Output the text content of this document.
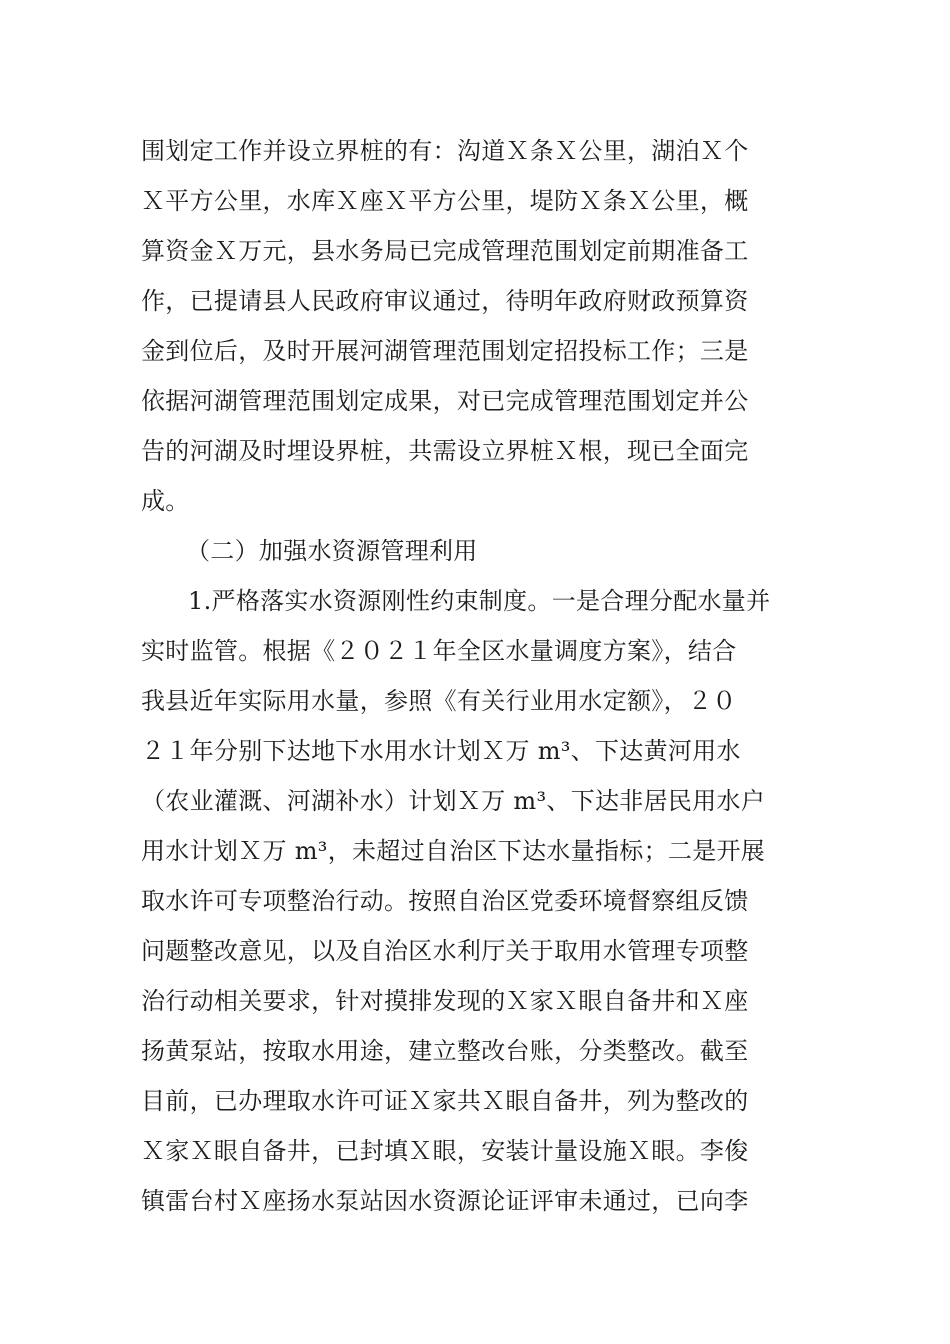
围划定工作并设立界桩的有：沟道Ｘ条Ｘ公里，湖泊Ｘ个
Ｘ平方公里，水库Ｘ座Ｘ平方公里，堤防Ｘ条Ｘ公里，概
算资金Ｘ万元，县水务局已完成管理范围划定前期准备工
作，已提请县人民政府审议通过，待明年政府财政预算资
金到位后，及时开展河湖管理范围划定招投标工作；三是
依据河湖管理范围划定成果，对已完成管理范围划定并公
告的河湖及时埋设界桩，共需设立界桩Ｘ根，现已全面完
成。
（二）加强水资源管理利用
1.严格落实水资源刚性约束制度。一是合理分配水量并
实时监管。根据《２０２１年全区水量调度方案》，结合
我县近年实际用水量，参照《有关行业用水定额》，２０
２１年分别下达地下水用水计划Ｘ万 m³、下达黄河用水
（农业灌溉、河湖补水）计划Ｘ万 m³、下达非居民用水户
用水计划Ｘ万 m³，未超过自治区下达水量指标；二是开展
取水许可专项整治行动。按照自治区党委环境督察组反馈
问题整改意见，以及自治区水利厅关于取用水管理专项整
治行动相关要求，针对摸排发现的Ｘ家Ｘ眼自备井和Ｘ座
扬黄泵站，按取水用途，建立整改台账，分类整改。截至
目前，已办理取水许可证Ｘ家共Ｘ眼自备井，列为整改的
Ｘ家Ｘ眼自备井，已封填Ｘ眼，安装计量设施Ｘ眼。李俊
镇雷台村Ｘ座扬水泵站因水资源论证评审未通过，已向李
